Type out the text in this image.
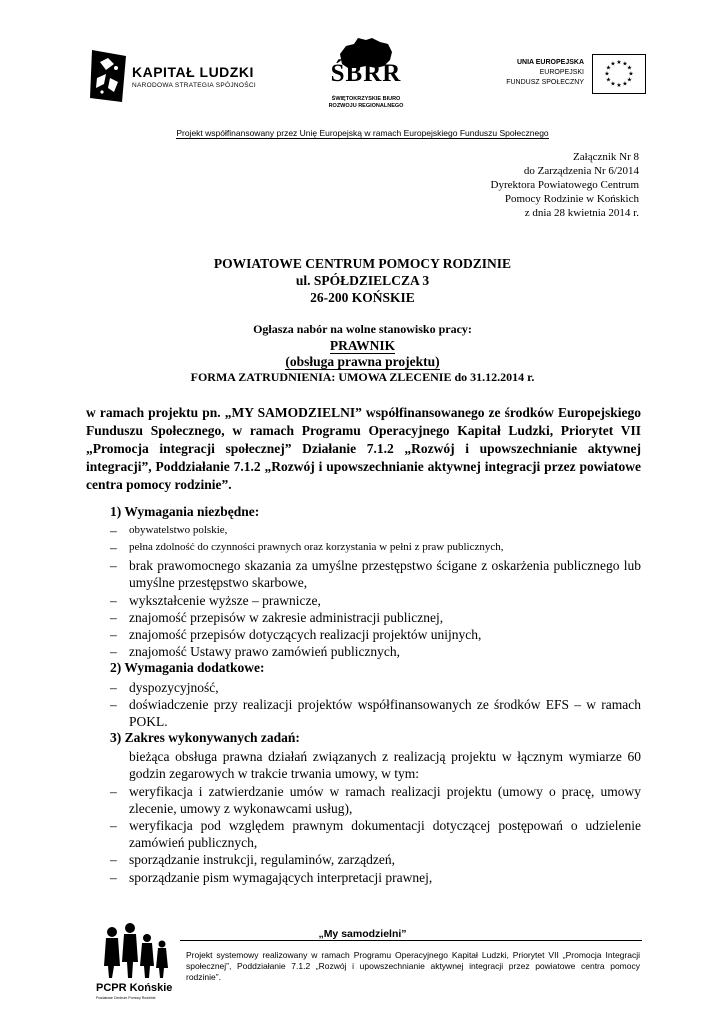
KAPITAŁ LUDZKI
NARODOWA STRATEGIA SPÓJNOŚCI	ŚBRR
ŚWIĘTOKRZYSKIE BIURO
ROZWOJU REGIONALNEGO
UNIA EUROPEJSKA
EUROPEJSKI
FUNDUSZ SPOŁECZNY
★ ★
★
★
★
★
★
★
★
★
★
★
Projekt współfinansowany przez Unię Europejską w ramach Europejskiego Funduszu Społecznego
Załącznik Nr 8
do Zarządzenia Nr 6/2014
Dyrektora Powiatowego Centrum
Pomocy Rodzinie w Końskich
z dnia 28 kwietnia 2014 r.
POWIATOWE CENTRUM POMOCY RODZINIE
ul. SPÓŁDZIELCZA 3
26-200 KOŃSKIE
Ogłasza nabór na wolne stanowisko pracy:
PRAWNIK
(obsługa prawna projektu)
FORMA ZATRUDNIENIA: UMOWA ZLECENIE do 31.12.2014 r.
w ramach projektu pn. „MY SAMODZIELNI” współfinansowanego ze środków Europejskiego Funduszu Społecznego, w ramach Programu Operacyjnego Kapitał Ludzki, Priorytet VII „Promocja integracji społecznej” Działanie 7.1.2 „Rozwój i upowszechnianie aktywnej integracji”, Poddziałanie 7.1.2 „Rozwój i upowszechnianie aktywnej integracji przez powiatowe centra pomocy rodzinie”.
1) Wymagania niezbędne:
–	obywatelstwo polskie,
–	pełna zdolność do czynności prawnych oraz korzystania w pełni z praw publicznych,
– brak prawomocnego skazania za umyślne przestępstwo ścigane z oskarżenia publicznego lub umyślne przestępstwo skarbowe,
– wykształcenie wyższe – prawnicze,
– znajomość przepisów w zakresie administracji publicznej,
– znajomość przepisów dotyczących realizacji projektów unijnych,
– znajomość Ustawy prawo zamówień publicznych,
2) Wymagania dodatkowe:
– dyspozycyjność,
– doświadczenie przy realizacji projektów współfinansowanych ze środków EFS – w ramach POKL.
3) Zakres wykonywanych zadań:
bieżąca obsługa prawna działań związanych z realizacją projektu w łącznym wymiarze 60 godzin zegarowych w trakcie trwania umowy, w tym:
– weryfikacja i zatwierdzanie umów w ramach realizacji projektu (umowy o pracę, umowy zlecenie, umowy z wykonawcami usług),
– weryfikacja pod względem prawnym dokumentacji dotyczącej postępowań o udzielenie zamówień publicznych,
– sporządzanie instrukcji, regulaminów, zarządzeń,
– sporządzanie pism wymagających interpretacji prawnej,
„My samodzielni”
Projekt systemowy realizowany w ramach Programu Operacyjnego Kapitał Ludzki, Priorytet VII „Promocja Integracji społecznej”, Poddziałanie 7.1.2 „Rozwój i upowszechnianie aktywnej integracji przez powiatowe centra pomocy rodzinie”.
PCPR Końskie
Powiatowe Centrum Pomocy Rodzinie
